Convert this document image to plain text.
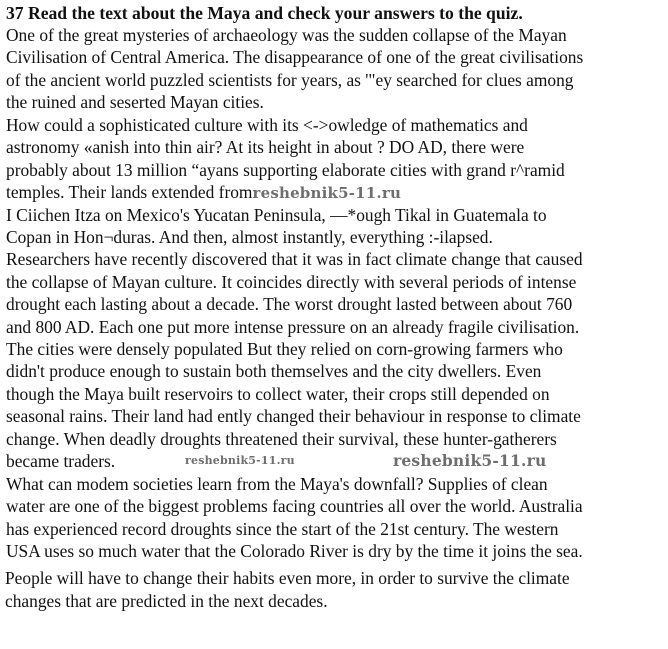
37 Read the text about the Maya and check your answers to the quiz.
One of the great mysteries of archaeology was the sudden collapse of the Mayan
Civilisation of Central America. The disappearance of one of the great civilisations
of the ancient world puzzled scientists for years, as '"ey searched for clues among
the ruined and seserted Mayan cities.
How could a sophisticated culture with its <->owledge of mathematics and
astronomy «anish into thin air? At its height in about ? DO AD, there were
probably about 13 million “ayans supporting elaborate cities with grand r^ramid
temples. Their lands extended fromreshebnik5-11.ru
I Ciichen Itza on Mexico's Yucatan Peninsula, —*ough Tikal in Guatemala to
Copan in Hon¬duras. And then, almost instantly, everything :-ilapsed.
Researchers have recently discovered that it was in fact climate change that caused
the collapse of Mayan culture. It coincides directly with several periods of intense
drought each lasting about a decade. The worst drought lasted between about 760
and 800 AD. Each one put more intense pressure on an already fragile civilisation.
The cities were densely populated But they relied on corn-growing farmers who
didn't produce enough to sustain both themselves and the city dwellers. Even
though the Maya built reservoirs to collect water, their crops still depended on
seasonal rains. Their land had ently changed their behaviour in response to climate
change. When deadly droughts threatened their survival, these hunter-gatherers
became traders.	reshebnik5-11.ru	reshebnik5-11.ru
What can modem societies learn from the Maya's downfall? Supplies of clean
water are one of the biggest problems facing countries all over the world. Australia
has experienced record droughts since the start of the 21st century. The western
USA uses so much water that the Colorado River is dry by the time it joins the sea.
People will have to change their habits even more, in order to survive the climate
changes that are predicted in the next decades.
